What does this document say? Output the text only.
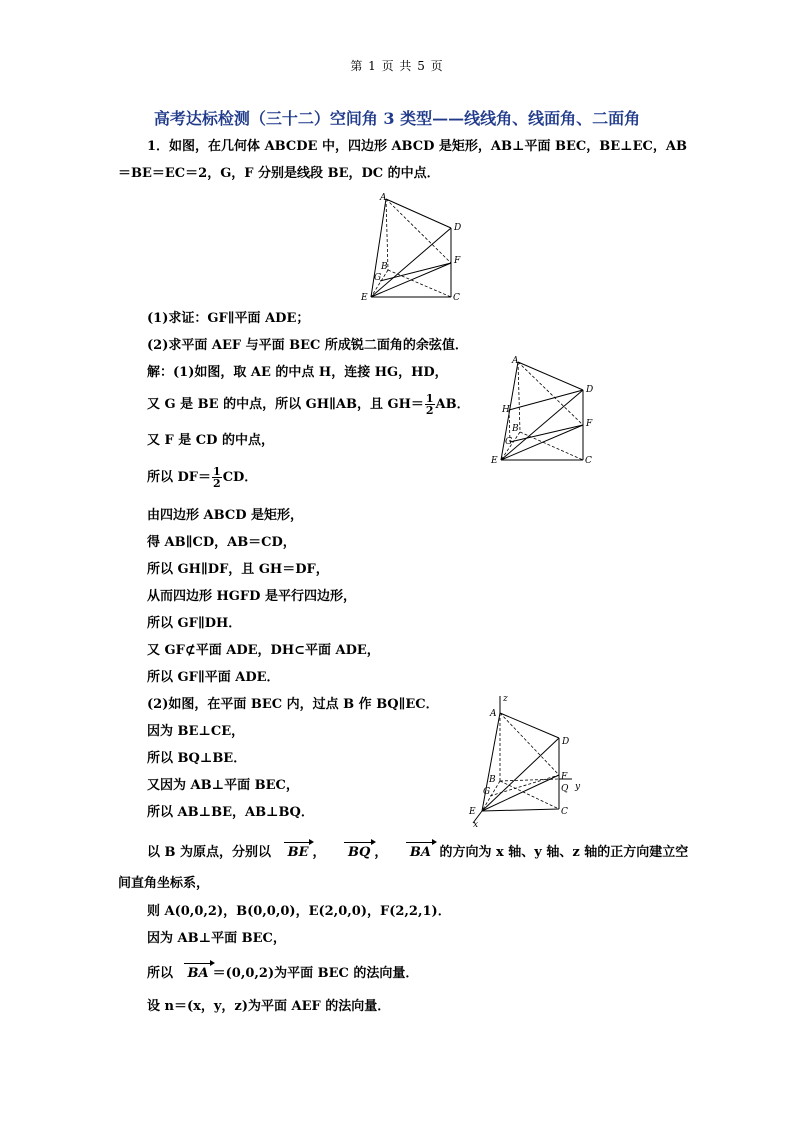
第 1 页 共 5 页
高考达标检测（三十二）空间角 3 类型——线线角、线面角、二面角
1．如图，在几何体 ABCDE 中，四边形 ABCD 是矩形，AB⊥平面 BEC，BE⊥EC，AB
＝BE＝EC＝2，G，F 分别是线段 BE，DC 的中点．
A
D
F
B
G
E	C
(1)求证：GF∥平面 ADE；
(2)求平面 AEF 与平面 BEC 所成锐二面角的余弦值．
解：(1)如图，取 AE 的中点 H，连接 HG，HD，
又 G 是 BE 的中点，所以 GH∥AB，且 $GH= \frac{1}{2}$ AB．
又 F 是 CD 的中点，
所以 $DF= \frac{1}{2}$ CD．
A
D
F
H
B
G
E	C
由四边形 ABCD 是矩形，
得 AB∥CD，AB＝CD，
所以 GH∥DF，且 GH＝DF，
从而四边形 HGFD 是平行四边形，
所以 GF∥DH．
又 GF⊄平面 ADE，DH⊂平面 ADE，
所以 GF∥平面 ADE．
(2)如图，在平面 BEC 内，过点 B 作 BQ∥EC．
因为 BE⊥CE，
所以 BQ⊥BE．
又因为 AB⊥平面 BEC，
所以 AB⊥BE，AB⊥BQ．
z
A
D
F
y
B
G	Q
E	C
x
以 B 为原点，分别以 BE ， BQ ， BA 的方向为 x 轴、y 轴、z 轴的正方向建立空
间直角坐标系，
则 A(0,0,2)，B(0,0,0)，E(2,0,0)，F(2,2,1)．
因为 AB⊥平面 BEC，
所以 BA ＝(0,0,2)为平面 BEC 的法向量．
设 n＝(x，y，z)为平面 AEF 的法向量．
